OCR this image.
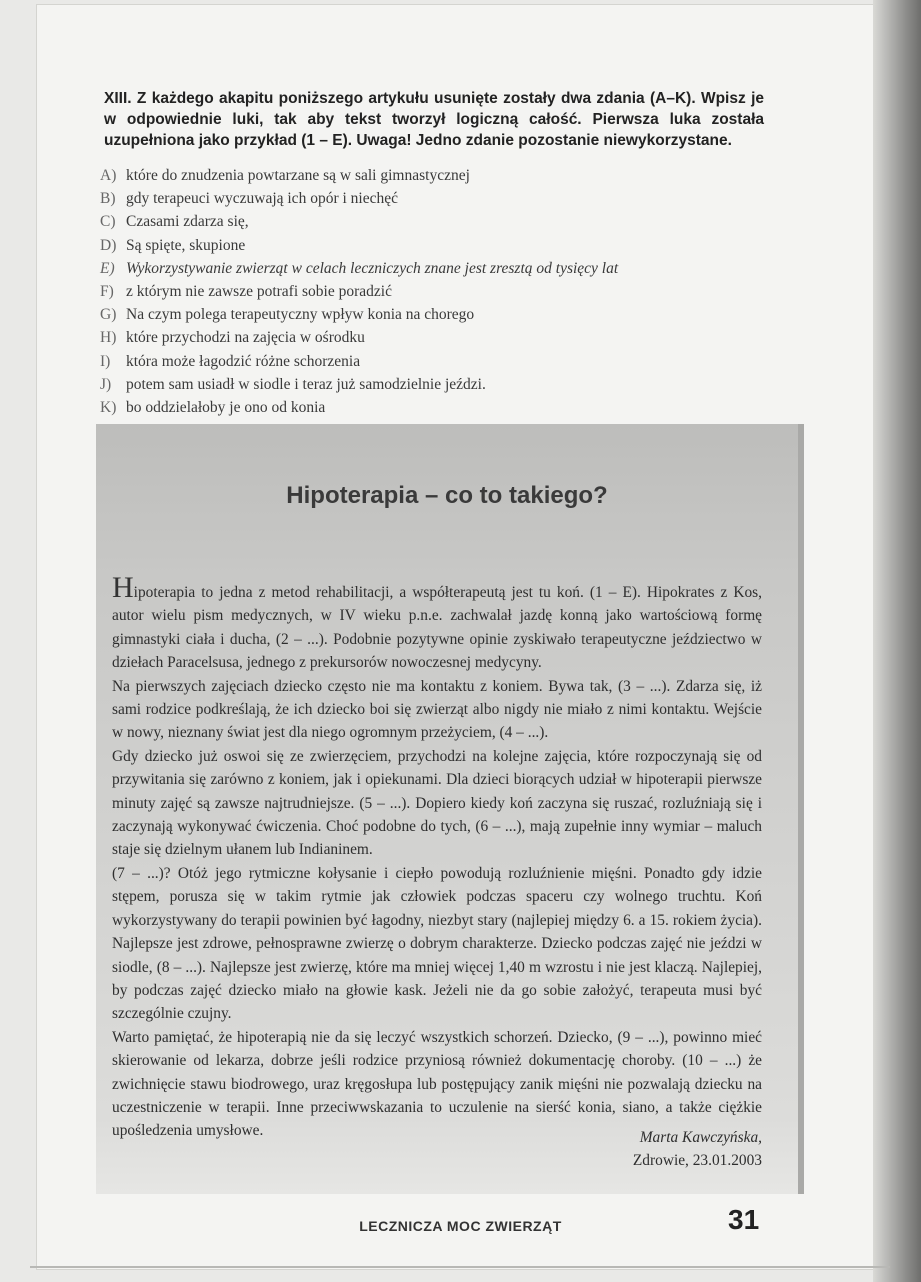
XIII. Z każdego akapitu poniższego artykułu usunięte zostały dwa zdania (A–K). Wpisz je w odpowiednie luki, tak aby tekst tworzył logiczną całość. Pierwsza luka została uzupełniona jako przykład (1 – E). Uwaga! Jedno zdanie pozostanie niewykorzystane.
A) które do znudzenia powtarzane są w sali gimnastycznej
B) gdy terapeuci wyczuwają ich opór i niechęć
C) Czasami zdarza się,
D) Są spięte, skupione
E) Wykorzystywanie zwierząt w celach leczniczych znane jest zresztą od tysięcy lat
F) z którym nie zawsze potrafi sobie poradzić
G) Na czym polega terapeutyczny wpływ konia na chorego
H) które przychodzi na zajęcia w ośrodku
I) która może łagodzić różne schorzenia
J) potem sam usiadł w siodle i teraz już samodzielnie jeździ.
K) bo oddzielałoby je ono od konia
Hipoterapia – co to takiego?

Hipoterapia to jedna z metod rehabilitacji, a współterapeutą jest tu koń. (1 – E). Hipokrates z Kos, autor wielu pism medycznych, w IV wieku p.n.e. zachwalał jazdę konną jako wartościową formę gimnastyki ciała i ducha, (2 – ...). Podobnie pozytywne opinie zyskiwało terapeutyczne jeździectwo w dziełach Paracelsusa, jednego z prekursorów nowoczesnej medycyny.

Na pierwszych zajęciach dziecko często nie ma kontaktu z koniem. Bywa tak, (3 – ...). Zdarza się, iż sami rodzice podkreślają, że ich dziecko boi się zwierząt albo nigdy nie miało z nimi kontaktu. Wejście w nowy, nieznany świat jest dla niego ogromnym przeżyciem, (4 – ...).

Gdy dziecko już oswoi się ze zwierzęciem, przychodzi na kolejne zajęcia, które rozpoczynają się od przywitania się zarówno z koniem, jak i opiekunami. Dla dzieci biorących udział w hipoterapii pierwsze minuty zajęć są zawsze najtrudniejsze. (5 – ...). Dopiero kiedy koń zaczyna się ruszać, rozluźniają się i zaczynają wykonywać ćwiczenia. Choć podobne do tych, (6 – ...), mają zupełnie inny wymiar – maluch staje się dzielnym ułanem lub Indianinem.

(7 – ...)? Otóż jego rytmiczne kołysanie i ciepło powodują rozluźnienie mięśni. Ponadto gdy idzie stępem, porusza się w takim rytmie jak człowiek podczas spaceru czy wolnego truchtu. Koń wykorzystywany do terapii powinien być łagodny, niezbyt stary (najlepiej między 6. a 15. rokiem życia). Najlepsze jest zdrowe, pełnosprawne zwierzę o dobrym charakterze. Dziecko podczas zajęć nie jeździ w siodle, (8 – ...). Najlepsze jest zwierzę, które ma mniej więcej 1,40 m wzrostu i nie jest klaczą. Najlepiej, by podczas zajęć dziecko miało na głowie kask. Jeżeli nie da go sobie założyć, terapeuta musi być szczególnie czujny.

Warto pamiętać, że hipoterapią nie da się leczyć wszystkich schorzeń. Dziecko, (9 – ...), powinno mieć skierowanie od lekarza, dobrze jeśli rodzice przyniosą również dokumentację choroby. (10 – ...) że zwichnięcie stawu biodrowego, uraz kręgosłupa lub postępujący zanik mięśni nie pozwalają dziecku na uczestniczenie w terapii. Inne przeciwwskazania to uczulenie na sierść konia, siano, a także ciężkie upośledzenia umysłowe.	Marta Kawczyńska,
Zdrowie, 23.01.2003
LECZNICZA MOC ZWIERZĄT	31
